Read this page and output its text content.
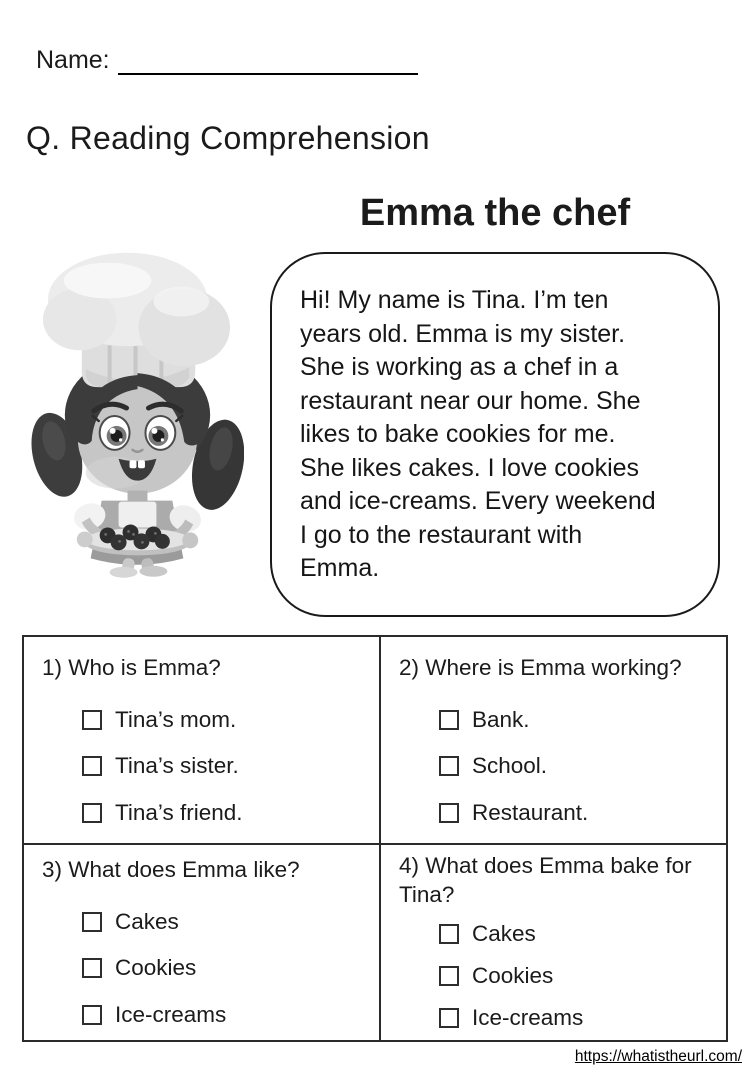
Name:
Q. Reading Comprehension
Emma the chef
Hi! My name is Tina. I’m ten
years old. Emma is my sister.
She is working as a chef in a
restaurant near our home. She
likes to bake cookies for me.
She likes cakes. I love cookies
and ice-creams. Every weekend
I go to the restaurant with
Emma.
1) Who is Emma?
Tina’s mom.
Tina’s sister.
Tina’s friend.
2) Where is Emma working?
Bank.
School.
Restaurant.
3) What does Emma like?
Cakes
Cookies
Ice-creams
4) What does Emma bake for Tina?
Cakes
Cookies
Ice-creams
https://whatistheurl.com/
